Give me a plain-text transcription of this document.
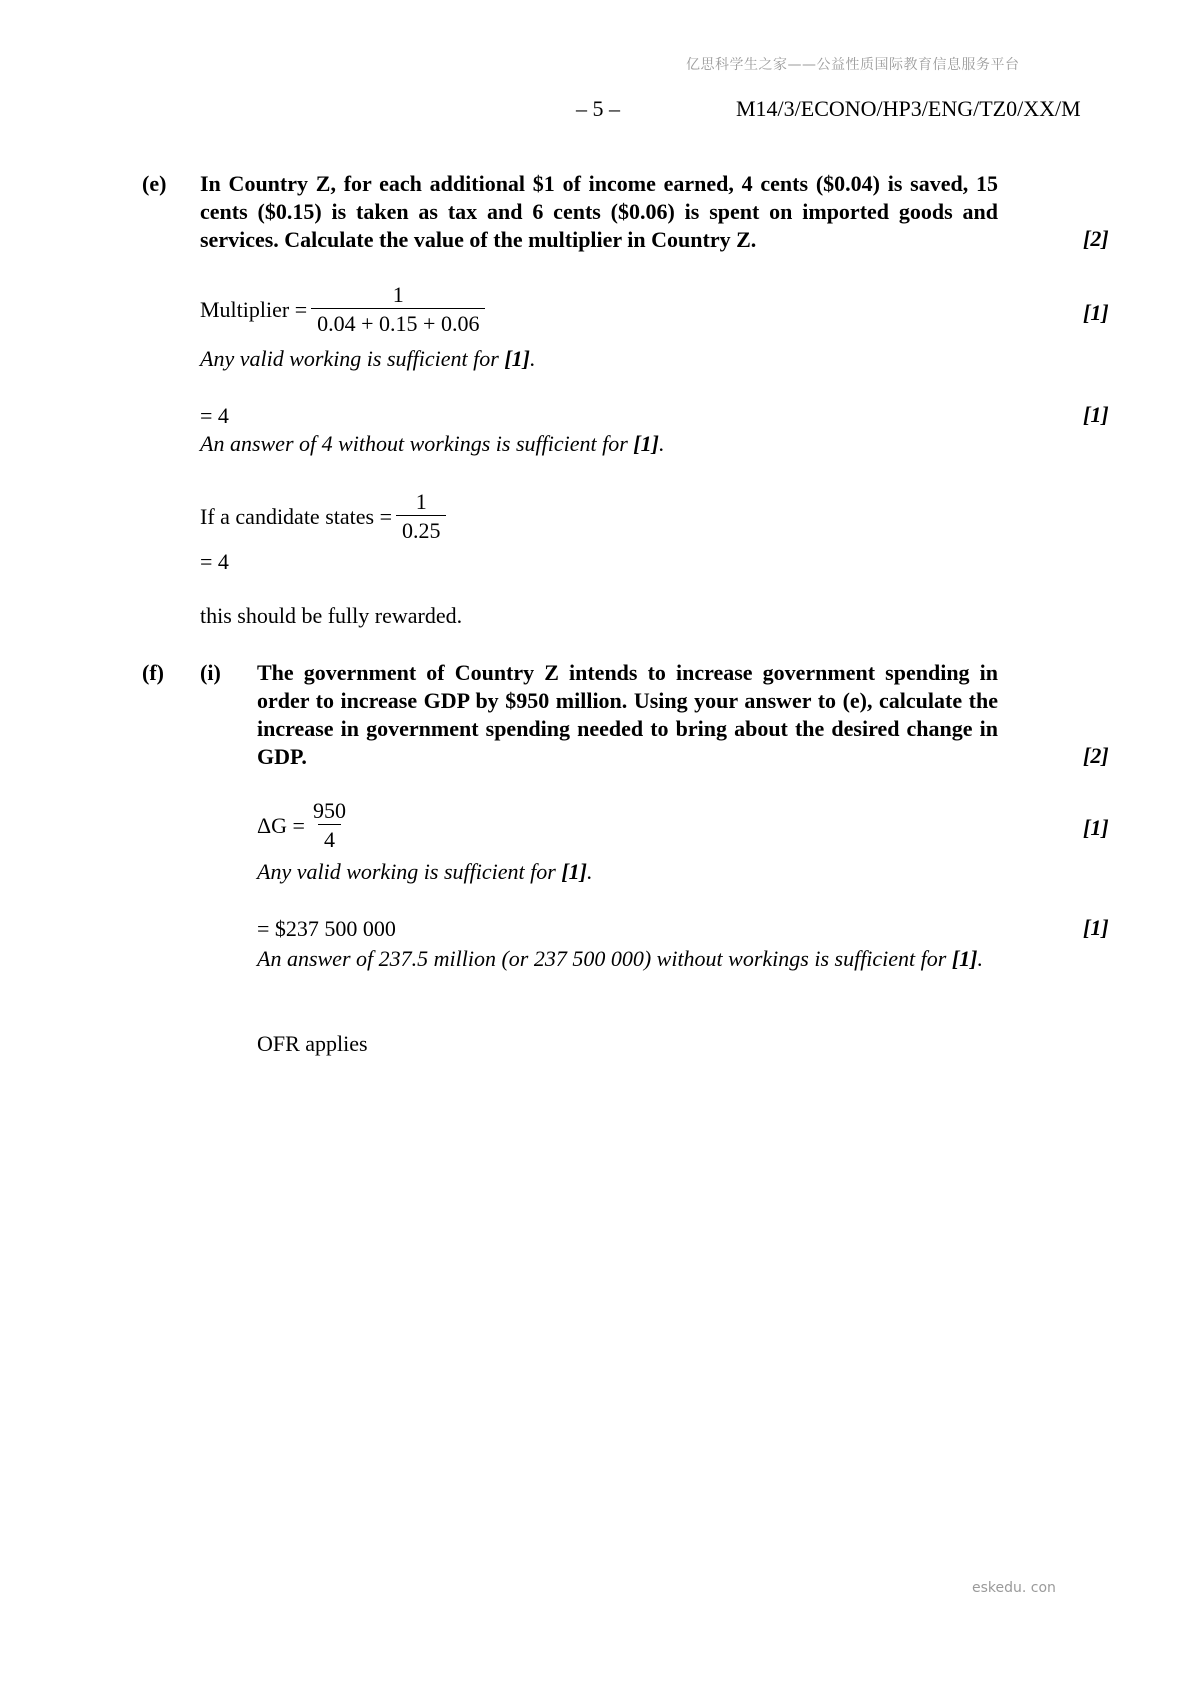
亿思科学生之家——公益性质国际教育信息服务平台
– 5 –	M14/3/ECONO/HP3/ENG/TZ0/XX/M
(e) In Country Z, for each additional $1 of income earned, 4 cents ($0.04) is saved, 15 cents ($0.15) is taken as tax and 6 cents ($0.06) is spent on imported goods and services. Calculate the value of the multiplier in Country Z.	[2]
Multiplier = $\frac{1}{0.04 + 0.15 + 0.06}$	[1]
Any valid working is sufficient for [1].
= 4	[1]
An answer of 4 without workings is sufficient for [1].
If a candidate states = $\frac{1}{0.25}$
= 4
this should be fully rewarded.
(f) (i) The government of Country Z intends to increase government spending in order to increase GDP by $950 million. Using your answer to (e), calculate the increase in government spending needed to bring about the desired change in GDP.	[2]
$\Delta G = \frac{950}{4}$	[1]
Any valid working is sufficient for [1].
= $237 500 000	[1]
An answer of 237.5 million (or 237 500 000) without workings is sufficient for [1].
OFR applies
eskedu. con
